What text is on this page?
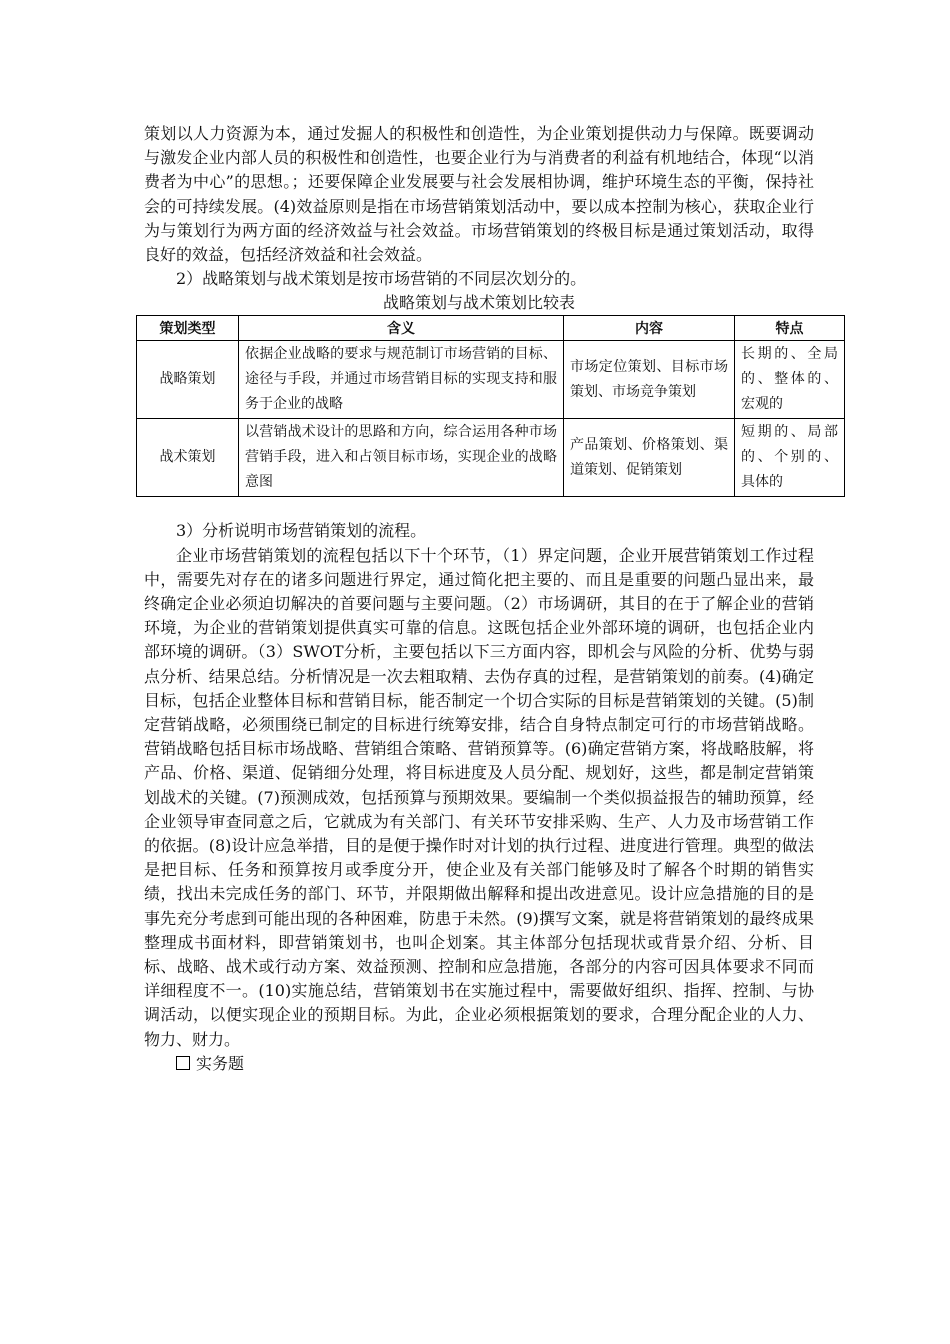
策划以人力资源为本，通过发掘人的积极性和创造性，为企业策划提供动力与保障。既要调动与激发企业内部人员的积极性和创造性，也要企业行为与消费者的利益有机地结合，体现“以消费者为中心”的思想。；还要保障企业发展要与社会发展相协调，维护环境生态的平衡，保持社会的可持续发展。(4)效益原则是指在市场营销策划活动中，要以成本控制为核心，获取企业行为与策划行为两方面的经济效益与社会效益。市场营销策划的终极目标是通过策划活动，取得良好的效益，包括经济效益和社会效益。

2）战略策划与战术策划是按市场营销的不同层次划分的。

战略策划与战术策划比较表

策划类型	含义	内容	特点
战略策划	依据企业战略的要求与规范制订市场营销的目标、途径与手段，并通过市场营销目标的实现支持和服务于企业的战略	市场定位策划、目标市场策划、市场竞争策划	长期的、全局的、整体的、宏观的
战术策划	以营销战术设计的思路和方向，综合运用各种市场营销手段，进入和占领目标市场，实现企业的战略意图	产品策划、价格策划、渠道策划、促销策划	短期的、局部的、个别的、具体的

3）分析说明市场营销策划的流程。

企业市场营销策划的流程包括以下十个环节，（1）界定问题，企业开展营销策划工作过程中，需要先对存在的诸多问题进行界定，通过简化把主要的、而且是重要的问题凸显出来，最终确定企业必须迫切解决的首要问题与主要问题。（2）市场调研，其目的在于了解企业的营销环境，为企业的营销策划提供真实可靠的信息。这既包括企业外部环境的调研，也包括企业内部环境的调研。（3）SWOT分析，主要包括以下三方面内容，即机会与风险的分析、优势与弱点分析、结果总结。分析情况是一次去粗取精、去伪存真的过程，是营销策划的前奏。(4)确定目标，包括企业整体目标和营销目标，能否制定一个切合实际的目标是营销策划的关键。(5)制定营销战略，必须围绕已制定的目标进行统筹安排，结合自身特点制定可行的市场营销战略。营销战略包括目标市场战略、营销组合策略、营销预算等。(6)确定营销方案，将战略肢解，将产品、价格、渠道、促销细分处理，将目标进度及人员分配、规划好，这些，都是制定营销策划战术的关键。(7)预测成效，包括预算与预期效果。要编制一个类似损益报告的辅助预算，经企业领导审查同意之后，它就成为有关部门、有关环节安排采购、生产、人力及市场营销工作的依据。(8)设计应急举措，目的是便于操作时对计划的执行过程、进度进行管理。典型的做法是把目标、任务和预算按月或季度分开，使企业及有关部门能够及时了解各个时期的销售实绩，找出未完成任务的部门、环节，并限期做出解释和提出改进意见。设计应急措施的目的是事先充分考虑到可能出现的各种困难，防患于未然。(9)撰写文案，就是将营销策划的最终成果整理成书面材料，即营销策划书，也叫企划案。其主体部分包括现状或背景介绍、分析、目标、战略、战术或行动方案、效益预测、控制和应急措施，各部分的内容可因具体要求不同而详细程度不一。(10)实施总结，营销策划书在实施过程中，需要做好组织、指挥、控制、与协调活动，以便实现企业的预期目标。为此，企业必须根据策划的要求，合理分配企业的人力、物力、财力。

实务题
